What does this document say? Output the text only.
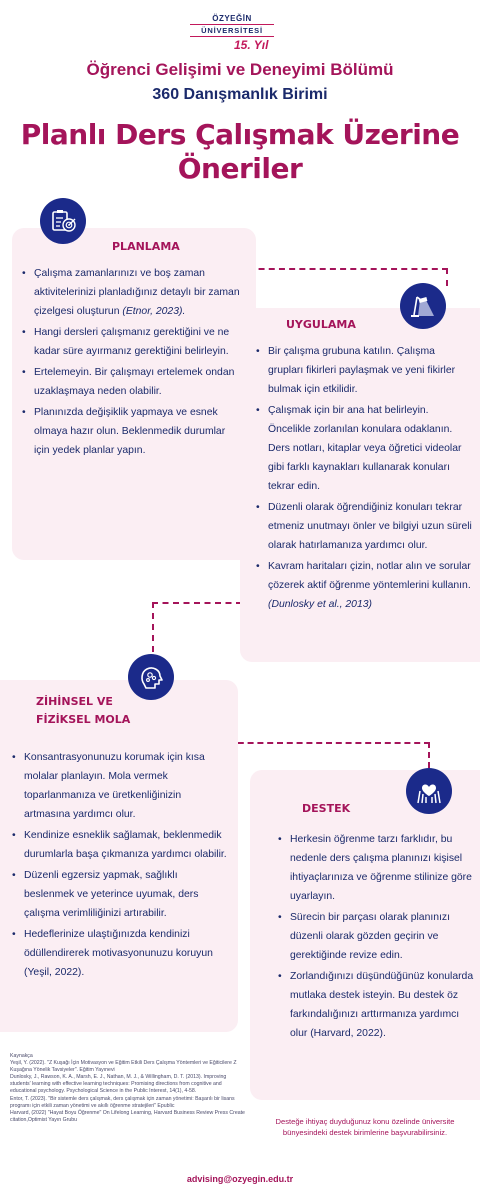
ÖZYEĞİN
ÜNİVERSİTESİ
15. Yıl
Öğrenci Gelişimi ve Deneyimi Bölümü
360 Danışmanlık Birimi
Planlı Ders Çalışmak Üzerine
Öneriler
PLANLAMA
• Çalışma zamanlarınızı ve boş zaman aktivitelerinizi planladığınız detaylı bir zaman çizelgesi oluşturun (Etnor, 2023).
• Hangi dersleri çalışmanız gerektiğini ve ne kadar süre ayırmanız gerektiğini belirleyin.
• Ertelemeyin. Bir çalışmayı ertelemek ondan uzaklaşmaya neden olabilir.
• Planınızda değişiklik yapmaya ve esnek olmaya hazır olun. Beklenmedik durumlar için yedek planlar yapın.
UYGULAMA
• Bir çalışma grubuna katılın. Çalışma grupları fikirleri paylaşmak ve yeni fikirler bulmak için etkilidir.
• Çalışmak için bir ana hat belirleyin. Öncelikle zorlanılan konulara odaklanın. Ders notları, kitaplar veya öğretici videolar gibi farklı kaynakları kullanarak konuları tekrar edin.
• Düzenli olarak öğrendiğiniz konuları tekrar etmeniz unutmayı önler ve bilgiyi uzun süreli olarak hatırlamanıza yardımcı olur.
• Kavram haritaları çizin, notlar alın ve sorular çözerek aktif öğrenme yöntemlerini kullanın. (Dunlosky et al., 2013)
ZİHİNSEL VE
FİZİKSEL MOLA
• Konsantrasyonunuzu korumak için kısa molalar planlayın. Mola vermek toparlanmanıza ve üretkenliğinizin artmasına yardımcı olur.
• Kendinize esneklik sağlamak, beklenmedik durumlarla başa çıkmanıza yardımcı olabilir.
• Düzenli egzersiz yapmak, sağlıklı beslenmek ve yeterince uyumak, ders çalışma verimliliğinizi artırabilir.
• Hedeflerinize ulaştığınızda kendinizi ödüllendirerek motivasyonunuzu koruyun (Yeşil, 2022).
DESTEK
• Herkesin öğrenme tarzı farklıdır, bu nedenle ders çalışma planınızı kişisel ihtiyaçlarınıza ve öğrenme stilinize göre uyarlayın.
• Sürecin bir parçası olarak planınızı düzenli olarak gözden geçirin ve gerektiğinde revize edin.
• Zorlandığınızı düşündüğünüz konularda mutlaka destek isteyin. Bu destek öz farkındalığınızı arttırmanıza yardımcı olur (Harvard, 2022).
Kaynakça
Yeşil, Y. (2022). "Z Kuşağı İçin Motivasyon ve Eğitim Etkili Ders Çalışma Yöntemleri ve Eğiticilere Z Kuşağına Yönelik Tavsiyeler". Eğitim Yayınevi
Dunlosky, J., Rawson, K. A., Marsh, E. J., Nathan, M. J., & Willingham, D. T. (2013). Improving students' learning with effective learning techniques: Promising directions from cognitive and educational psychology. Psychological Science in the Public Interest, 14(1), 4-58.
Entor, T. (2023). "Bir sistemle ders çalışmak, ders çalışmak için zaman yönetimi: Başarılı bir lisans programı için etkili zaman yönetimi ve akıllı öğrenme stratejileri" Epublic
Harvard, (2022) "Hayat Boyu Öğrenme" On Lifelong Learning, Harvard Business Review Press Create citation,Optimist Yayın Grubu	Desteğe ihtiyaç duyduğunuz konu özelinde üniversite bünyesindeki destek birimlerine başvurabilirsiniz.
advising@ozyegin.edu.tr
